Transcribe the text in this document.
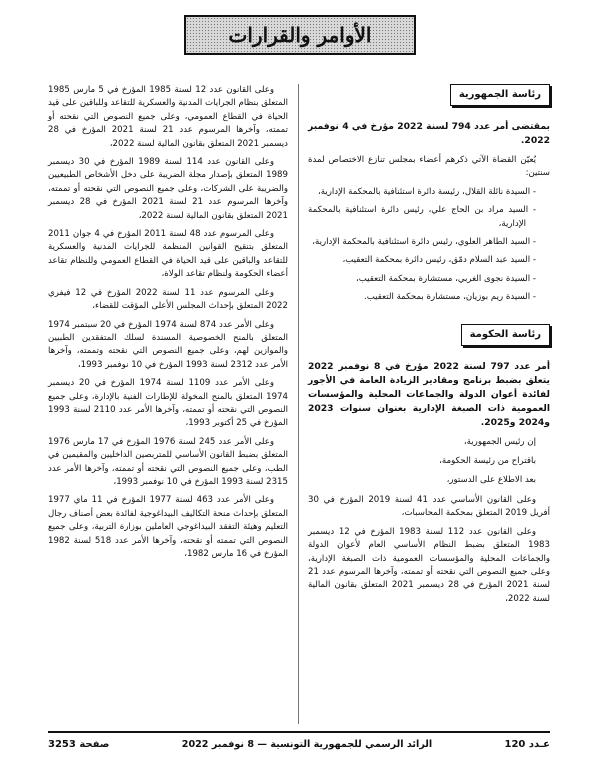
الأوامر والقرارات
رئاسة الجمهورية

بمقتضى أمر عدد 794 لسنة 2022 مؤرخ في 4 نوفمبر 2022.

يُعيّن القضاة الآتي ذكرهم أعضاء بمجلس تنازع الاختصاص لمدة سنتين:

- السيدة نائلة القلال، رئيسة دائرة استئنافية بالمحكمة الإدارية،

- السيد مراد بن الحاج علي، رئيس دائرة استئنافية بالمحكمة الإدارية،

- السيد الطاهر العلوي، رئيس دائرة استئنافية بالمحكمة الإدارية،

- السيد عبد السلام دمّق، رئيس دائرة بمحكمة التعقيب،

- السيدة نجوى الغربي، مستشارة بمحكمة التعقيب،

- السيدة ريم بوزيان، مستشارة بمحكمة التعقيب.

رئاسة الحكومة

أمر عدد 797 لسنة 2022 مؤرخ في 8 نوفمبر 2022 يتعلق بضبط برنامج ومقادير الزيادة العامة في الأجور لفائدة أعوان الدولة والجماعات المحلية والمؤسسات العمومية ذات الصبغة الإدارية بعنوان سنوات 2023 و2024 و2025.

إن رئيس الجمهورية،

باقتراح من رئيسة الحكومة،

بعد الاطلاع على الدستور،

وعلى القانون الأساسي عدد 41 لسنة 2019 المؤرخ في 30 أفريل 2019 المتعلق بمحكمة المحاسبات،

وعلى القانون عدد 112 لسنة 1983 المؤرخ في 12 ديسمبر 1983 المتعلق بضبط النظام الأساسي العام لأعوان الدولة والجماعات المحلية والمؤسسات العمومية ذات الصبغة الإدارية، وعلى جميع النصوص التي نقحته أو تممته، وآخرها المرسوم عدد 21 لسنة 2021 المؤرخ في 28 ديسمبر 2021 المتعلق بقانون المالية لسنة 2022،

وعلى القانون عدد 12 لسنة 1985 المؤرخ في 5 مارس 1985 المتعلق بنظام الجرايات المدنية والعسكرية للتقاعد وللباقين على قيد الحياة في القطاع العمومي، وعلى جميع النصوص التي نقحته أو تممته، وآخرها المرسوم عدد 21 لسنة 2021 المؤرخ في 28 ديسمبر 2021 المتعلق بقانون المالية لسنة 2022،

وعلى القانون عدد 114 لسنة 1989 المؤرخ في 30 ديسمبر 1989 المتعلق بإصدار مجلة الضريبة على دخل الأشخاص الطبيعيين والضريبة على الشركات، وعلى جميع النصوص التي نقحته أو تممته، وآخرها المرسوم عدد 21 لسنة 2021 المؤرخ في 28 ديسمبر 2021 المتعلق بقانون المالية لسنة 2022،

وعلى المرسوم عدد 48 لسنة 2011 المؤرخ في 4 جوان 2011 المتعلق بتنقيح القوانين المنظمة للجرايات المدنية والعسكرية للتقاعد والباقين على قيد الحياة في القطاع العمومي وللنظام تقاعد أعضاء الحكومة ولنظام تقاعد الولاة،

وعلى المرسوم عدد 11 لسنة 2022 المؤرخ في 12 فيفري 2022 المتعلق بإحداث المجلس الأعلى المؤقت للقضاء،

وعلى الأمر عدد 874 لسنة 1974 المؤرخ في 20 سبتمبر 1974 المتعلق بالمنح الخصوصية المسندة لسلك المتفقدين الطبيين والموازين لهم، وعلى جميع النصوص التي نقحته وتممته، وآخرها الأمر عدد 2312 لسنة 1993 المؤرخ في 10 نوفمبر 1993،

وعلى الأمر عدد 1109 لسنة 1974 المؤرخ في 20 ديسمبر 1974 المتعلق بالمنح المخولة للإطارات الفنية بالإدارة، وعلى جميع النصوص التي نقحته أو تممته، وآخرها الأمر عدد 2110 لسنة 1993 المؤرخ في 25 أكتوبر 1993،

وعلى الأمر عدد 245 لسنة 1976 المؤرخ في 17 مارس 1976 المتعلق بضبط القانون الأساسي للمتربصين الداخليين والمقيمين في الطب، وعلى جميع النصوص التي نقحته أو تممته، وآخرها الأمر عدد 2315 لسنة 1993 المؤرخ في 10 نوفمبر 1993،

وعلى الأمر عدد 463 لسنة 1977 المؤرخ في 11 ماي 1977 المتعلق بإحداث منحة التكاليف البيداغوجية لفائدة بعض أصناف رجال التعليم وهيئة التفقد البيداغوجي العاملين بوزارة التربية، وعلى جميع النصوص التي تممته أو نقحته، وآخرها الأمر عدد 518 لسنة 1982 المؤرخ في 16 مارس 1982،

عـدد 120
الرائد الرسمي للجمهورية التونسية — 8 نوفمبر 2022
صفحة 3253
